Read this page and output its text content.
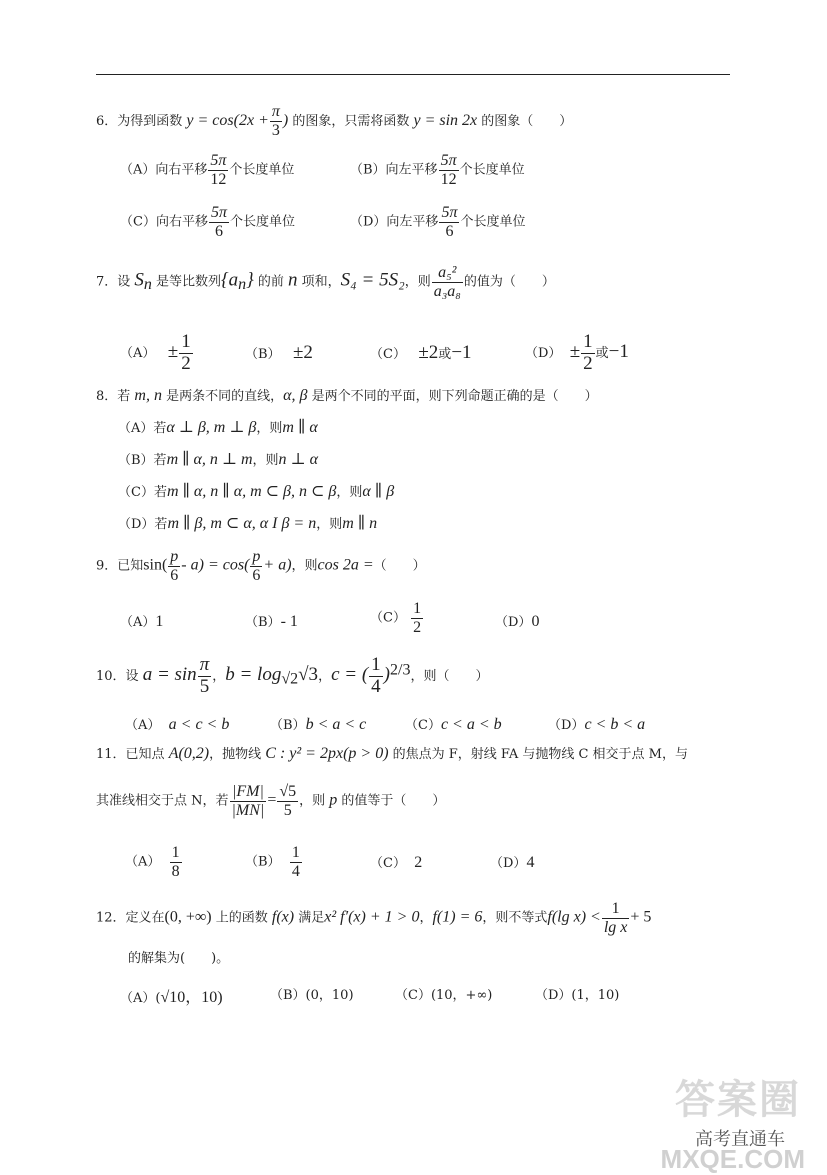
6．为得到函数 $y = \cos(2x + \frac{\pi}{3}$ ) 的图象，只需将函数 y = sin 2x 的图象（　　）
（A）向右平移 $\frac{5\pi}{12}$ 个长度单位	（B）向左平移 $\frac{5\pi}{12}$ 个长度单位
（C）向右平移 $\frac{5\pi}{6}$ 个长度单位	（D）向左平移 $\frac{5\pi}{6}$ 个长度单位
7．设 $S_n$ 是等比数列$\{a_n\}$ 的前 n 项和，S₄ = 5S₂，则 $\frac{\text{a₅²}}{\text{a₃a₈}}$ 的值为（　　）
$(A) \pm \frac{1}{2}$	（B） ±2	（C） ±2或−1	$(D) \pm \frac{1}{2}$ 或−1
8．若 m, n 是两条不同的直线，α, β 是两个不同的平面，则下列命题正确的是（　　）
（A）若α ⊥ β, m ⊥ β，则m ∥ α
（B）若m ∥ α, n ⊥ m，则n ⊥ α
（C）若m ∥ α, n ∥ α, m ⊂ β, n ⊂ β，则α ∥ β
（D）若m ∥ β, m ⊂ α, α I β = n，则m ∥ n
9．已知$\sin( \frac{p}{6} - a) = \cos( \frac{p}{6} + a)$，则cos 2a =（　　）
（A）1	（B）- 1	$(C) \frac{1}{2}$	（D）0
10．设 $a = \sin \frac{\pi}{5}$ ，$b = \log_{√2}√3$，c = ( $\frac{1}{4} )^{2/3}$，则（　　）
（A） a < c < b	（B）b < a < c	（C）c < a < b	（D）c < b < a
11．已知点 A(0,2)，抛物线 C : y² = 2px(p > 0) 的焦点为 F，射线 FA 与抛物线 C 相交于点 M，与
其准线相交于点 N，若 $\frac{|FM|}{|MN|} = \frac{√5}{5}$ ，则 p 的值等于（　　）
$(A) \frac{1}{8}$	$(B) \frac{1}{4}$	（C） 2	（D）4
12．定义在(0, +∞) 上的函数 f(x) 满足x² f′(x) + 1 > 0，f(1) = 6，则不等式f(lg $x) < \frac{1}{\text{lg x}} + 5$
的解集为(　　)。
（A）(√10，10)	（B）(0，10)	（C）(10，+∞)	（D）(1，10)
答案圈
高考直通车
MXQE.COM
